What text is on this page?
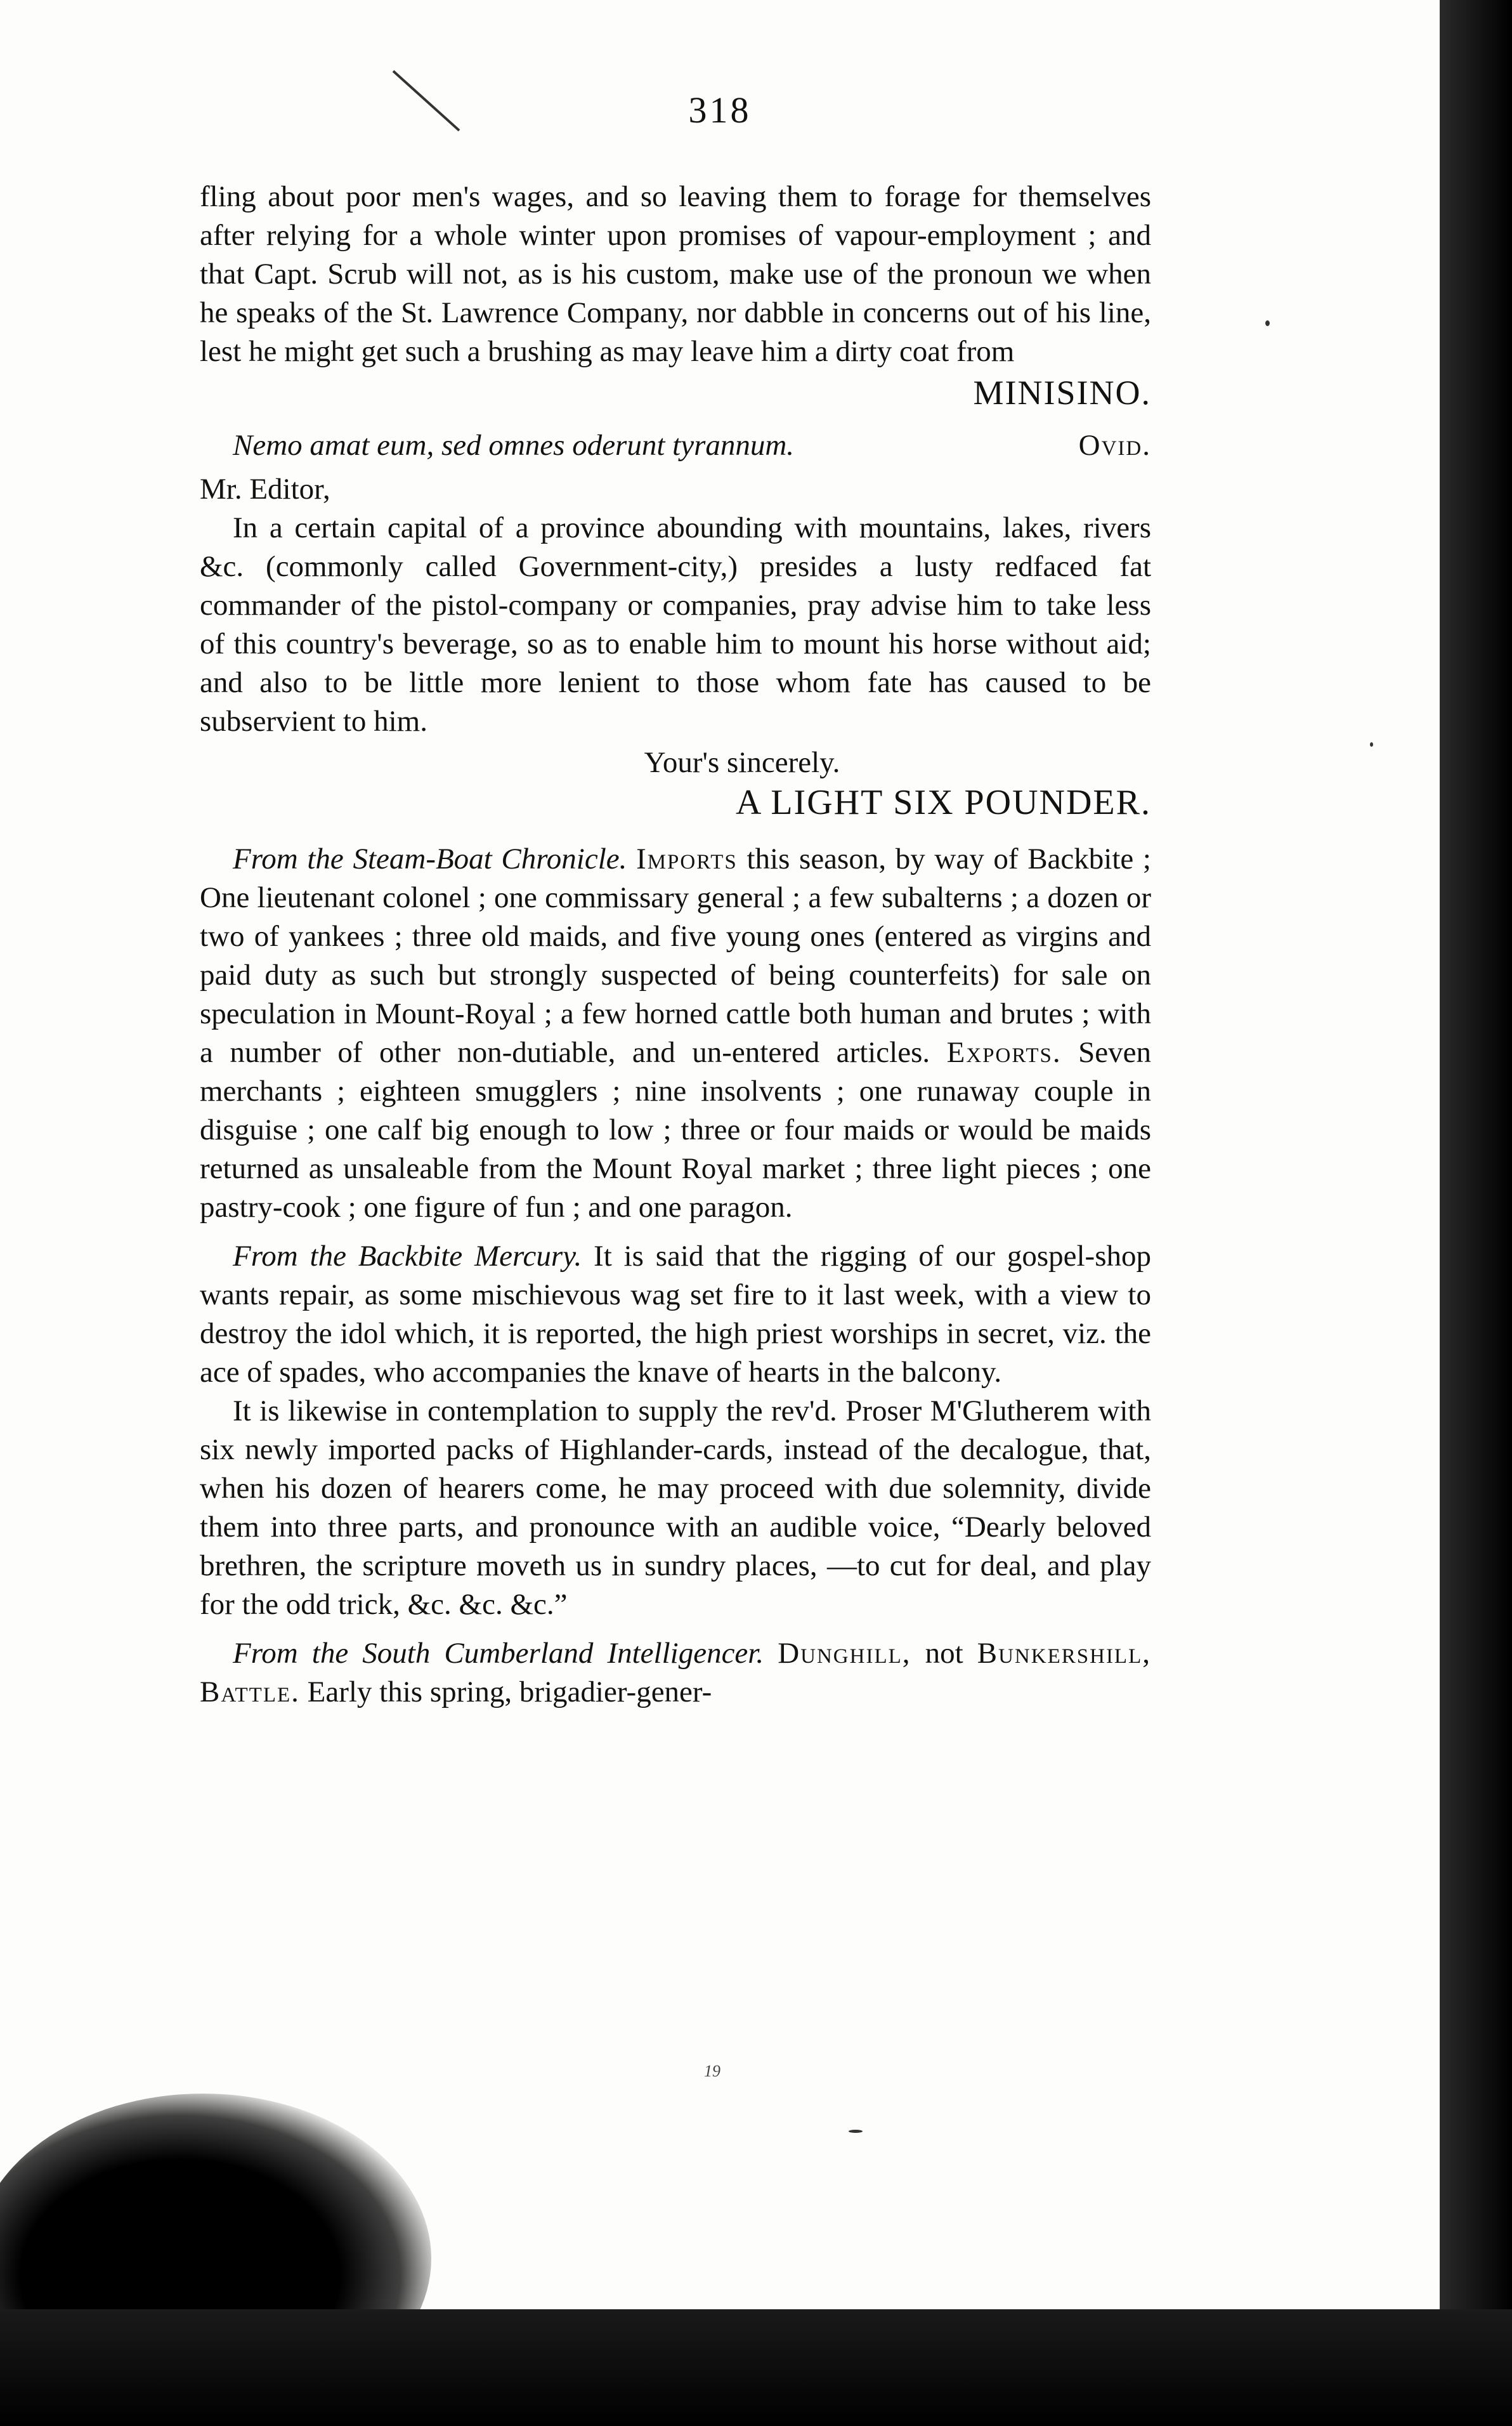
318

fling about poor men's wages, and so leaving them to forage for themselves after relying for a whole winter upon promises of vapour-employment ; and that Capt. Scrub will not, as is his custom, make use of the pronoun we when he speaks of the St. Lawrence Company, nor dabble in concerns out of his line, lest he might get such a brushing as may leave him a dirty coat from

MINISINO.

Nemo amat eum, sed omnes oderunt tyrannum.	Ovid.

Mr. Editor,

In a certain capital of a province abounding with mountains, lakes, rivers &c. (commonly called Government-city,) presides a lusty redfaced fat commander of the pistol-company or companies, pray advise him to take less of this country's beverage, so as to enable him to mount his horse without aid; and also to be little more lenient to those whom fate has caused to be subservient to him.

Your's sincerely.

A LIGHT SIX POUNDER.

From the Steam-Boat Chronicle. Imports this season, by way of Backbite ; One lieutenant colonel ; one commissary general ; a few subalterns ; a dozen or two of yankees ; three old maids, and five young ones (entered as virgins and paid duty as such but strongly suspected of being counterfeits) for sale on speculation in Mount-Royal ; a few horned cattle both human and brutes ; with a number of other non-dutiable, and un-entered articles. Exports. Seven merchants ; eighteen smugglers ; nine insolvents ; one runaway couple in disguise ; one calf big enough to low ; three or four maids or would be maids returned as unsaleable from the Mount Royal market ; three light pieces ; one pastry-cook ; one figure of fun ; and one paragon.

From the Backbite Mercury. It is said that the rigging of our gospel-shop wants repair, as some mischievous wag set fire to it last week, with a view to destroy the idol which, it is reported, the high priest worships in secret, viz. the ace of spades, who accompanies the knave of hearts in the balcony.

It is likewise in contemplation to supply the rev'd. Proser M'Glutherem with six newly imported packs of Highlander-cards, instead of the decalogue, that, when his dozen of hearers come, he may proceed with due solemnity, divide them into three parts, and pronounce with an audible voice, “Dearly beloved brethren, the scripture moveth us in sundry places, —to cut for deal, and play for the odd trick, &c. &c. &c.”

From the South Cumberland Intelligencer. Dunghill, not Bunkershill, Battle. Early this spring, brigadier-gener-

19
